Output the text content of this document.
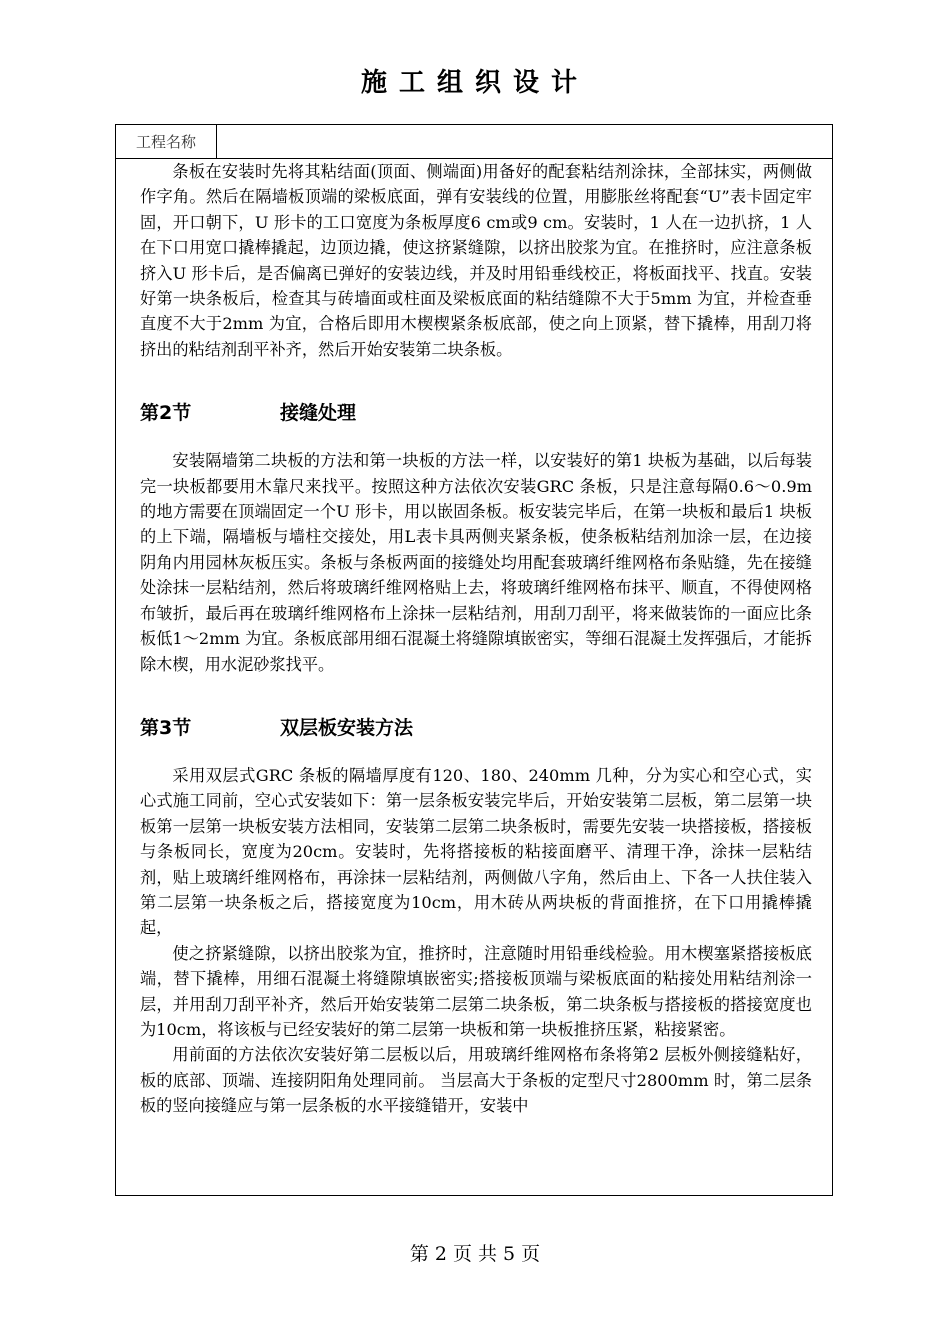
施工组织设计
工程名称

条板在安装时先将其粘结面(顶面、侧端面)用备好的配套粘结剂涂抹，全部抹实，两侧做作字角。然后在隔墙板顶端的梁板底面，弹有安装线的位置，用膨胀丝将配套“U”表卡固定牢固，开口朝下，U 形卡的工口宽度为条板厚度6 cm或9 cm。安装时，1 人在一边扒挤，1 人在下口用宽口撬棒撬起，边顶边撬，使这挤紧缝隙，以挤出胶浆为宜。在推挤时，应注意条板挤入U 形卡后，是否偏离已弹好的安装边线，并及时用铅垂线校正，将板面找平、找直。安装好第一块条板后，检查其与砖墙面或柱面及梁板底面的粘结缝隙不大于5mm 为宜，并检查垂直度不大于2mm 为宜，合格后即用木楔楔紧条板底部，使之向上顶紧，替下撬棒，用刮刀将挤出的粘结剂刮平补齐，然后开始安装第二块条板。

第2节	接缝处理

安装隔墙第二块板的方法和第一块板的方法一样，以安装好的第1 块板为基础，以后每装完一块板都要用木靠尺来找平。按照这种方法依次安装GRC 条板，只是注意每隔0.6～0.9m 的地方需要在顶端固定一个U 形卡，用以嵌固条板。板安装完毕后，在第一块板和最后1 块板的上下端，隔墙板与墙柱交接处，用L表卡具两侧夹紧条板，使条板粘结剂加涂一层，在边接阴角内用园林灰板压实。条板与条板两面的接缝处均用配套玻璃纤维网格布条贴缝，先在接缝处涂抹一层粘结剂，然后将玻璃纤维网格贴上去，将玻璃纤维网格布抹平、顺直，不得使网格布皱折，最后再在玻璃纤维网格布上涂抹一层粘结剂，用刮刀刮平，将来做装饰的一面应比条板低1～2mm 为宜。条板底部用细石混凝土将缝隙填嵌密实，等细石混凝土发挥强后，才能拆除木楔，用水泥砂浆找平。

第3节	双层板安装方法

采用双层式GRC 条板的隔墙厚度有120、180、240mm 几种，分为实心和空心式，实心式施工同前，空心式安装如下：第一层条板安装完毕后，开始安装第二层板，第二层第一块板第一层第一块板安装方法相同，安装第二层第二块条板时，需要先安装一块搭接板，搭接板与条板同长，宽度为20cm。安装时，先将搭接板的粘接面磨平、清理干净，涂抹一层粘结剂，贴上玻璃纤维网格布，再涂抹一层粘结剂，两侧做八字角，然后由上、下各一人扶住装入第二层第一块条板之后，搭接宽度为10cm，用木砖从两块板的背面推挤，在下口用撬棒撬起，

使之挤紧缝隙，以挤出胶浆为宜，推挤时，注意随时用铅垂线检验。用木楔塞紧搭接板底端，替下撬棒，用细石混凝土将缝隙填嵌密实;搭接板顶端与梁板底面的粘接处用粘结剂涂一层，并用刮刀刮平补齐，然后开始安装第二层第二块条板，第二块条板与搭接板的搭接宽度也为10cm，将该板与已经安装好的第二层第一块板和第一块板推挤压紧，粘接紧密。

用前面的方法依次安装好第二层板以后，用玻璃纤维网格布条将第2 层板外侧接缝粘好，板的底部、顶端、连接阴阳角处理同前。 当层高大于条板的定型尺寸2800mm 时，第二层条板的竖向接缝应与第一层条板的水平接缝错开，安装中

第 2 页 共 5 页
